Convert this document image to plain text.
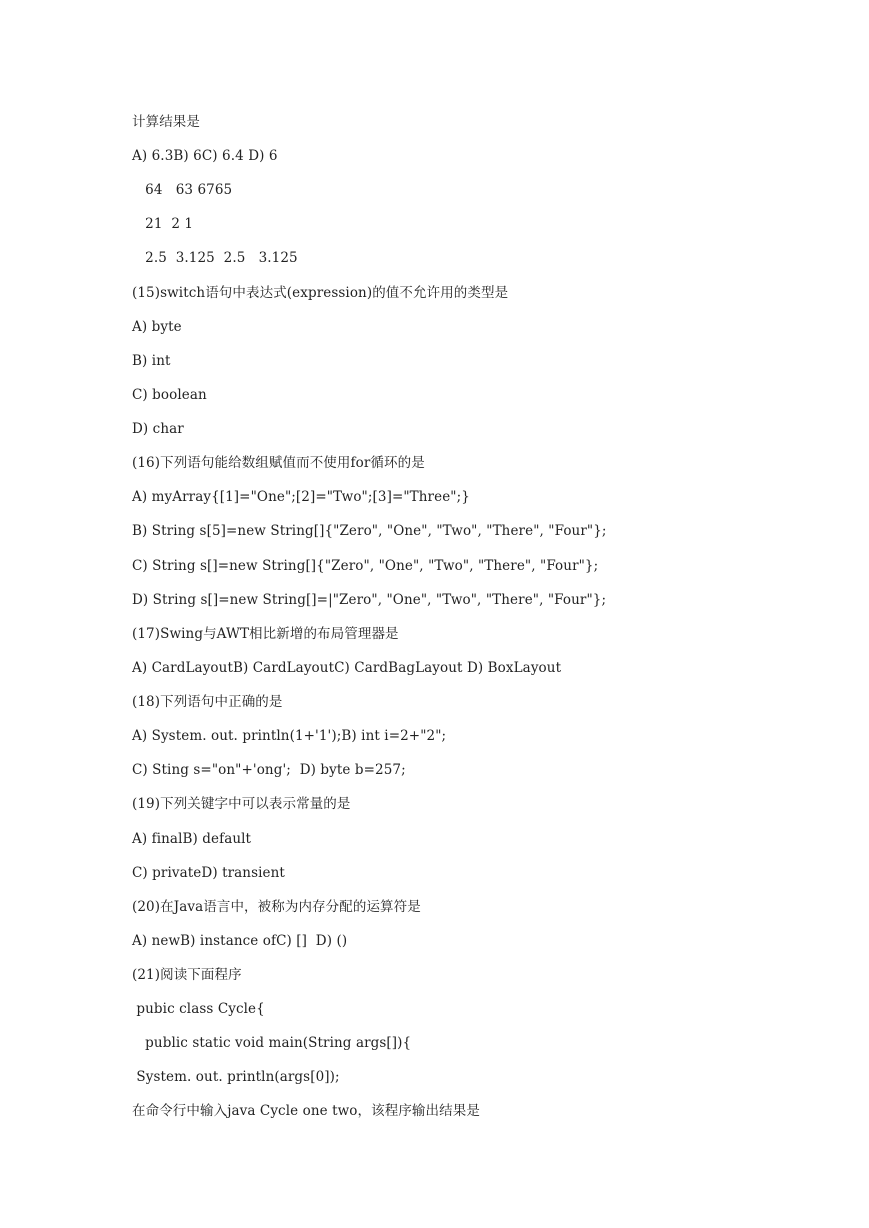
计算结果是
A) 6.3B) 6C) 6.4 D) 6
64   63 6765
21  2 1
2.5  3.125  2.5   3.125
(15)switch语句中表达式(expression)的值不允许用的类型是
A) byte
B) int
C) boolean
D) char
(16)下列语句能给数组赋值而不使用for循环的是
A) myArray{[1]="One";[2]="Two";[3]="Three";}
B) String s[5]=new String[]{"Zero", "One", "Two", "There", "Four"};
C) String s[]=new String[]{"Zero", "One", "Two", "There", "Four"};
D) String s[]=new String[]=|"Zero", "One", "Two", "There", "Four"};
(17)Swing与AWT相比新增的布局管理器是
A) CardLayoutB) CardLayoutC) CardBagLayout D) BoxLayout
(18)下列语句中正确的是
A) System. out. println(1+'1');B) int i=2+"2";
C) Sting s="on"+'ong';  D) byte b=257;
(19)下列关键字中可以表示常量的是
A) finalB) default
C) privateD) transient
(20)在Java语言中，被称为内存分配的运算符是
A) newB) instance ofC) []  D) ()
(21)阅读下面程序
pubic class Cycle{
public static void main(String args[]){
System. out. println(args[0]);
在命令行中输入java Cycle one two，该程序输出结果是
